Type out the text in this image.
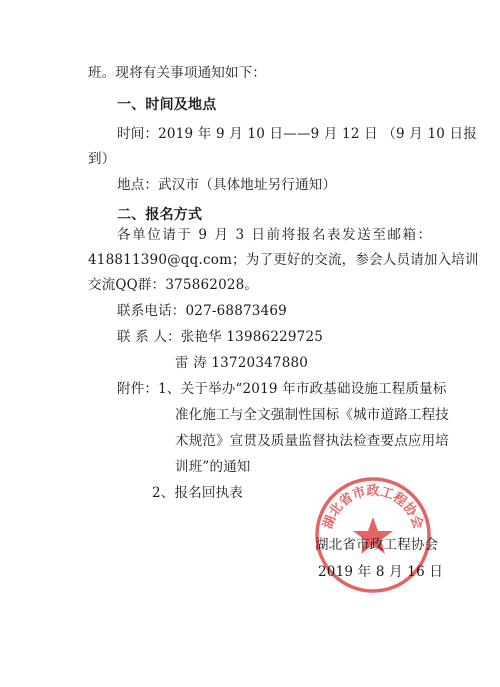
班。现将有关事项通知如下：
一、时间及地点
时间：2019 年 9 月 10 日——9 月 12 日 （9 月 10 日报
到）
地点：武汉市（具体地址另行通知）
二、报名方式
各单位请于 9 月 3 日前将报名表发送至邮箱：
418811390@qq.com；为了更好的交流，参会人员请加入培训
交流QQ群：375862028。
联系电话：027-68873469
联 系 人：张艳华 13986229725
雷 涛 13720347880
附件：1、关于举办“2019 年市政基础设施工程质量标
准化施工与全文强制性国标《城市道路工程技
术规范》宣贯及质量监督执法检查要点应用培
训班”的通知
2、报名回执表
湖北省市政工程协会
湖北省市政工程协会
2019 年 8 月 16 日
